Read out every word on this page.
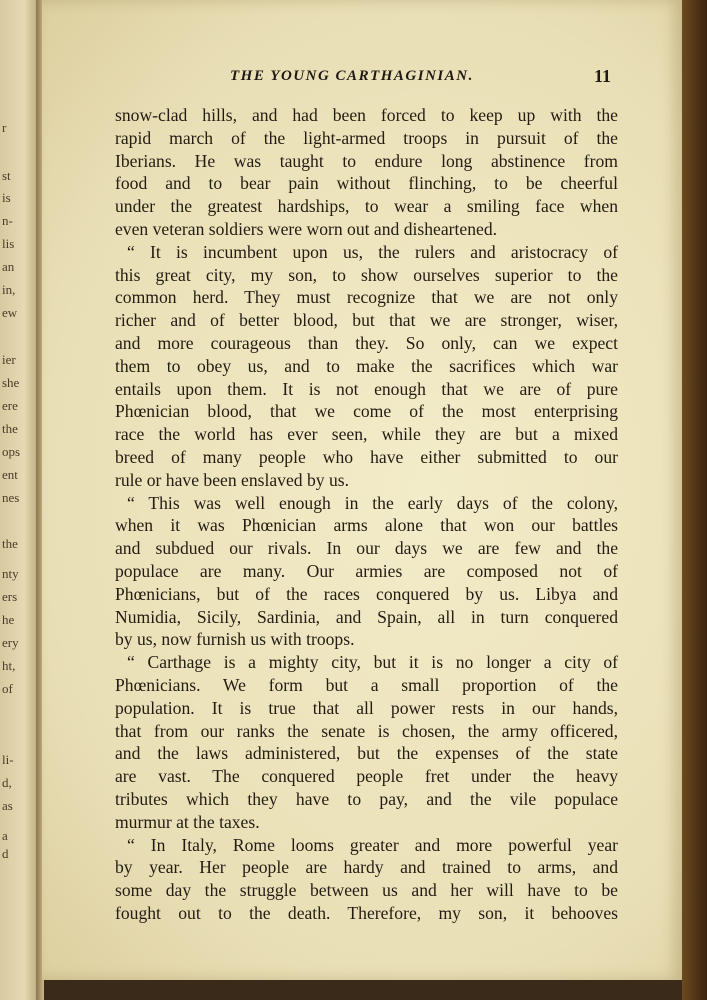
r
st
is
n-
lis
an
in,
ew
ier
she
ere
the
ops
ent
nes
the
nty
ers
he
ery
ht,
of
li-
d,
as
a
d
THE YOUNG CARTHAGINIAN.	11
snow-clad hills, and had been forced to keep up with the
rapid march of the light-armed troops in pursuit of the
Iberians. He was taught to endure long abstinence from
food and to bear pain without flinching, to be cheerful
under the greatest hardships, to wear a smiling face when
even veteran soldiers were worn out and disheartened.
“ It is incumbent upon us, the rulers and aristocracy of
this great city, my son, to show ourselves superior to the
common herd. They must recognize that we are not only
richer and of better blood, but that we are stronger, wiser,
and more courageous than they. So only, can we expect
them to obey us, and to make the sacrifices which war
entails upon them. It is not enough that we are of pure
Phœnician blood, that we come of the most enterprising
race the world has ever seen, while they are but a mixed
breed of many people who have either submitted to our
rule or have been enslaved by us.
“ This was well enough in the early days of the colony,
when it was Phœnician arms alone that won our battles
and subdued our rivals. In our days we are few and the
populace are many. Our armies are composed not of
Phœnicians, but of the races conquered by us. Libya and
Numidia, Sicily, Sardinia, and Spain, all in turn conquered
by us, now furnish us with troops.
“ Carthage is a mighty city, but it is no longer a city of
Phœnicians. We form but a small proportion of the
population. It is true that all power rests in our hands,
that from our ranks the senate is chosen, the army officered,
and the laws administered, but the expenses of the state
are vast. The conquered people fret under the heavy
tributes which they have to pay, and the vile populace
murmur at the taxes.
“ In Italy, Rome looms greater and more powerful year
by year. Her people are hardy and trained to arms, and
some day the struggle between us and her will have to be
fought out to the death. Therefore, my son, it behooves
